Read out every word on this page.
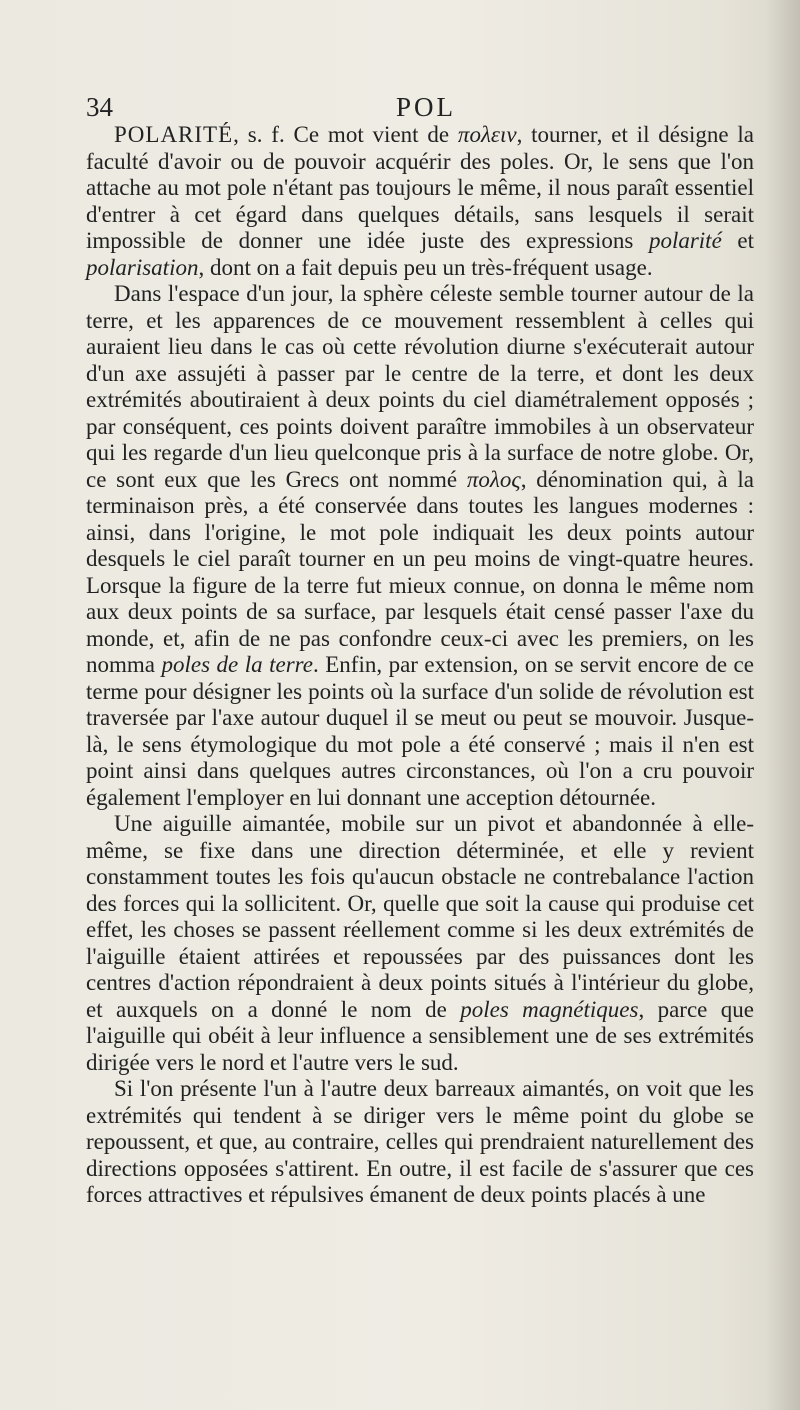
34	POL

POLARITÉ, s. f. Ce mot vient de πολειν, tourner, et il désigne la faculté d'avoir ou de pouvoir acquérir des poles. Or, le sens que l'on attache au mot pole n'étant pas toujours le même, il nous paraît essentiel d'entrer à cet égard dans quelques détails, sans lesquels il serait impossible de donner une idée juste des expressions polarité et polarisation, dont on a fait depuis peu un très-fréquent usage.

Dans l'espace d'un jour, la sphère céleste semble tourner autour de la terre, et les apparences de ce mouvement ressemblent à celles qui auraient lieu dans le cas où cette révolution diurne s'exécuterait autour d'un axe assujéti à passer par le centre de la terre, et dont les deux extrémités aboutiraient à deux points du ciel diamétralement opposés ; par conséquent, ces points doivent paraître immobiles à un observateur qui les regarde d'un lieu quelconque pris à la surface de notre globe. Or, ce sont eux que les Grecs ont nommé πολος, dénomination qui, à la terminaison près, a été conservée dans toutes les langues modernes : ainsi, dans l'origine, le mot pole indiquait les deux points autour desquels le ciel paraît tourner en un peu moins de vingt-quatre heures. Lorsque la figure de la terre fut mieux connue, on donna le même nom aux deux points de sa surface, par lesquels était censé passer l'axe du monde, et, afin de ne pas confondre ceux-ci avec les premiers, on les nomma poles de la terre. Enfin, par extension, on se servit encore de ce terme pour désigner les points où la surface d'un solide de révolution est traversée par l'axe autour duquel il se meut ou peut se mouvoir. Jusque-là, le sens étymologique du mot pole a été conservé ; mais il n'en est point ainsi dans quelques autres circonstances, où l'on a cru pouvoir également l'employer en lui donnant une acception détournée.

Une aiguille aimantée, mobile sur un pivot et abandonnée à elle-même, se fixe dans une direction déterminée, et elle y revient constamment toutes les fois qu'aucun obstacle ne contrebalance l'action des forces qui la sollicitent. Or, quelle que soit la cause qui produise cet effet, les choses se passent réellement comme si les deux extrémités de l'aiguille étaient attirées et repoussées par des puissances dont les centres d'action répondraient à deux points situés à l'intérieur du globe, et auxquels on a donné le nom de poles magnétiques, parce que l'aiguille qui obéit à leur influence a sensiblement une de ses extrémités dirigée vers le nord et l'autre vers le sud.

Si l'on présente l'un à l'autre deux barreaux aimantés, on voit que les extrémités qui tendent à se diriger vers le même point du globe se repoussent, et que, au contraire, celles qui prendraient naturellement des directions opposées s'attirent. En outre, il est facile de s'assurer que ces forces attractives et répulsives émanent de deux points placés à une
